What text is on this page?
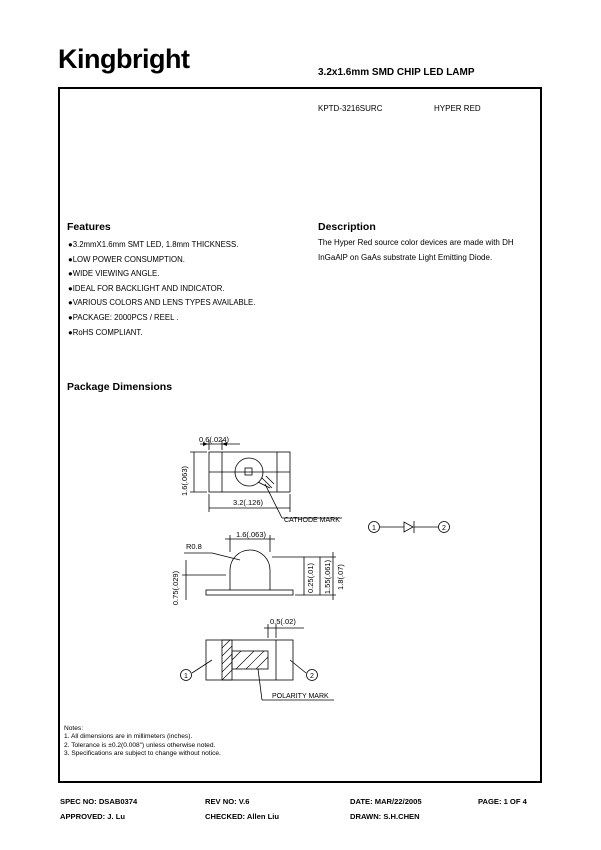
Kingbright	3.2x1.6mm SMD CHIP LED LAMP
KPTD-3216SURC	HYPER RED
Features
●3.2mmX1.6mm SMT LED, 1.8mm THICKNESS.
●LOW POWER CONSUMPTION.
●WIDE VIEWING ANGLE.
●IDEAL FOR BACKLIGHT AND INDICATOR.
●VARIOUS COLORS AND LENS TYPES AVAILABLE.
●PACKAGE: 2000PCS / REEL .
●RoHS COMPLIANT.
Description
The Hyper Red source color devices are made with DH InGaAlP on GaAs substrate Light Emitting Diode.
Package Dimensions
0.6(.024)
1.6(.063)
3.2(.126)
CATHODE MARK
1.6(.063)
R0.8
0.75(.029)	0.25(.01) 1.55(.061) 1.8(.07)
0.5(.02)
POLARITY MARK
1	2
1	2
Notes:
1. All dimensions are in millimeters (inches).
2. Tolerance is ±0.2(0.008") unless otherwise noted.
3. Specifications are subject to change without notice.
SPEC NO: DSAB0374	REV NO: V.6	DATE: MAR/22/2005	PAGE: 1 OF 4
APPROVED: J. Lu	CHECKED: Allen Liu	DRAWN: S.H.CHEN
